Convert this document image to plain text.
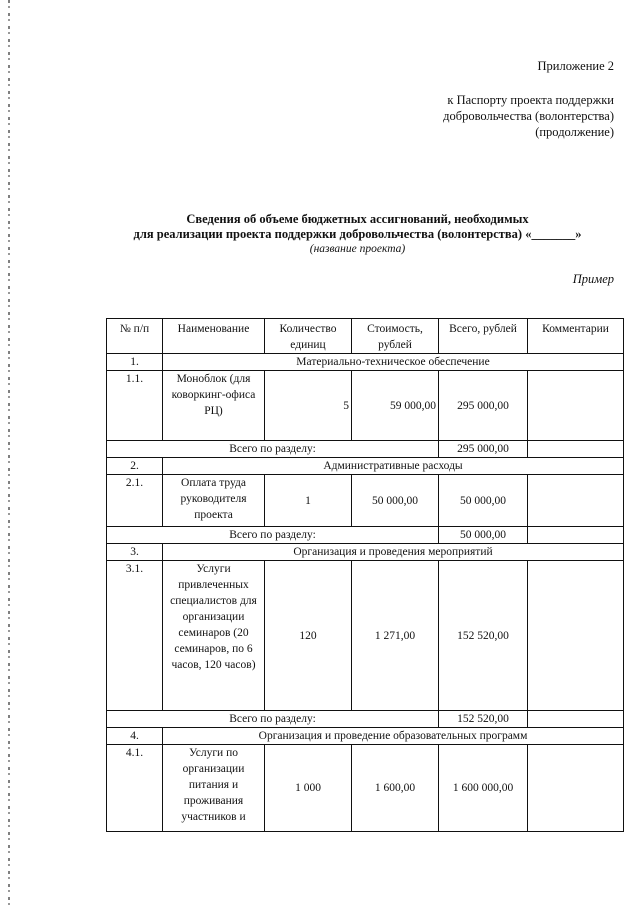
Приложение 2
к Паспорту проекта поддержки
добровольчества (волонтерства)
(продолжение)
Сведения об объеме бюджетных ассигнований, необходимых
для реализации проекта поддержки добровольчества (волонтерства) «_______»
(название проекта)
Пример
№ п/п	Наименование	Количество единиц	Стоимость, рублей	Всего, рублей	Комментарии
1.	Материально-техническое обеспечение				
1.1.	Моноблок (для коворкинг-офиса РЦ)	5	59 000,00	295 000,00	
Всего по разделу:				295 000,00	
2.	Административные расходы				
2.1.	Оплата труда руководителя проекта	1	50 000,00	50 000,00	
Всего по разделу:				50 000,00	
3.	Организация и проведения мероприятий				
3.1.	Услуги привлеченных специалистов для организации семинаров (20 семинаров, по 6 часов, 120 часов)	120	1 271,00	152 520,00	
Всего по разделу:				152 520,00	
4.	Организация и проведение образовательных программ				
4.1.	Услуги по организации питания и проживания участников и	1 000	1 600,00	1 600 000,00	
